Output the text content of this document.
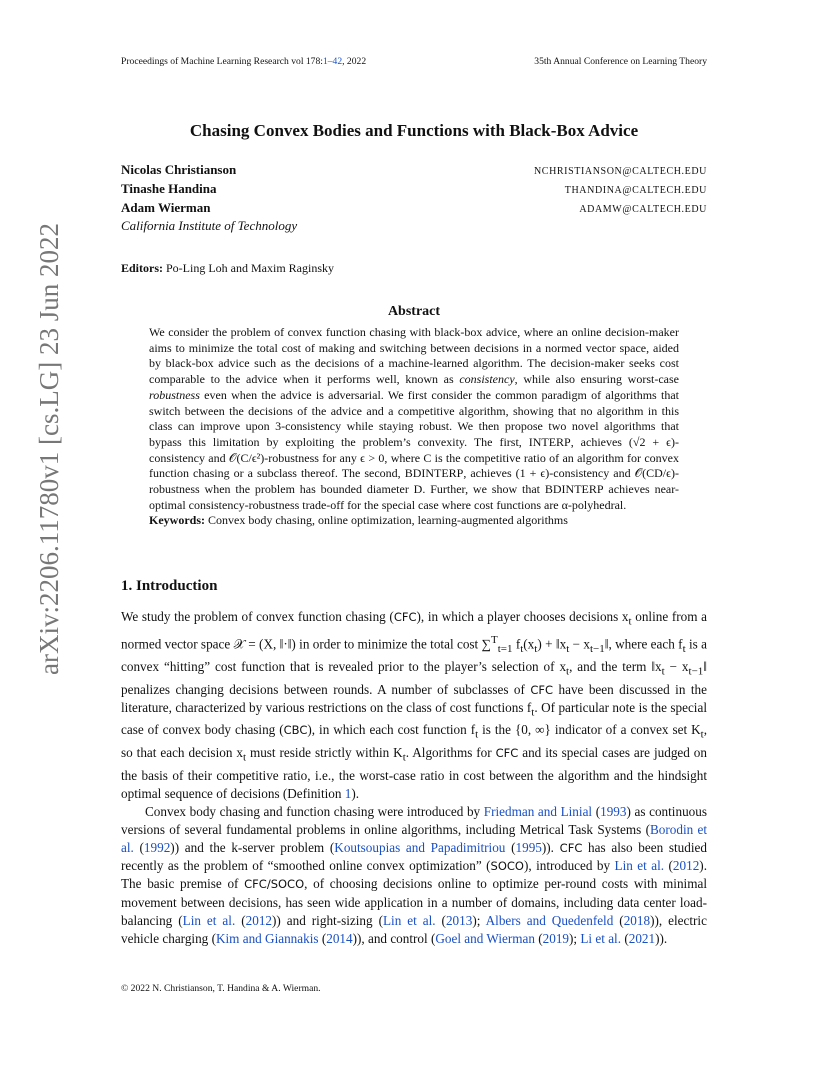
Proceedings of Machine Learning Research vol 178:1–42, 2022	35th Annual Conference on Learning Theory
arXiv:2206.11780v1 [cs.LG] 23 Jun 2022
Chasing Convex Bodies and Functions with Black-Box Advice
Nicolas Christianson
Tinashe Handina
Adam Wierman
California Institute of Technology
NCHRISTIANSON@CALTECH.EDU
THANDINA@CALTECH.EDU
ADAMW@CALTECH.EDU
Editors: Po-Ling Loh and Maxim Raginsky
Abstract

We consider the problem of convex function chasing with black-box advice, where an online decision-maker aims to minimize the total cost of making and switching between decisions in a normed vector space, aided by black-box advice such as the decisions of a machine-learned algorithm. The decision-maker seeks cost comparable to the advice when it performs well, known as consistency, while also ensuring worst-case robustness even when the advice is adversarial. We first consider the common paradigm of algorithms that switch between the decisions of the advice and a competitive algorithm, showing that no algorithm in this class can improve upon 3-consistency while staying robust. We then propose two novel algorithms that bypass this limitation by exploiting the problem’s convexity. The first, INTERP, achieves (√2 + ϵ)-consistency and 𝒪(C/ϵ²)-robustness for any ϵ > 0, where C is the competitive ratio of an algorithm for convex function chasing or a subclass thereof. The second, BDINTERP, achieves (1 + ϵ)-consistency and 𝒪(CD/ϵ)-robustness when the problem has bounded diameter D. Further, we show that BDINTERP achieves near-optimal consistency-robustness trade-off for the special case where cost functions are α-polyhedral.

Keywords: Convex body chasing, online optimization, learning-augmented algorithms

1. Introduction

We study the problem of convex function chasing (CFC), in which a player chooses decisions $x_t$ online from a normed vector space 𝒳 = (X, ‖·‖) in order to minimize the total cost ∑$^T_{t=1}$ $f_t(x_t)$ + $‖x_t$ − $x_{t-1}‖$, where each $f_t$ is a convex “hitting” cost function that is revealed prior to the player’s selection of $x_t$, and the term $‖x_t$ − $x_{t-1}‖$ penalizes changing decisions between rounds. A number of subclasses of CFC have been discussed in the literature, characterized by various restrictions on the class of cost functions $f_t$. Of particular note is the special case of convex body chasing (CBC), in which each cost function $f_t$ is the {0, ∞} indicator of a convex set $K_t$, so that each decision $x_t$ must reside strictly within $K_t$. Algorithms for CFC and its special cases are judged on the basis of their competitive ratio, i.e., the worst-case ratio in cost between the algorithm and the hindsight optimal sequence of decisions (Definition 1).

Convex body chasing and function chasing were introduced by Friedman and Linial (1993) as continuous versions of several fundamental problems in online algorithms, including Metrical Task Systems (Borodin et al. (1992)) and the k-server problem (Koutsoupias and Papadimitriou (1995)). CFC has also been studied recently as the problem of “smoothed online convex optimization” (SOCO), introduced by Lin et al. (2012). The basic premise of CFC/SOCO, of choosing decisions online to optimize per-round costs with minimal movement between decisions, has seen wide application in a number of domains, including data center load-balancing (Lin et al. (2012)) and right-sizing (Lin et al. (2013); Albers and Quedenfeld (2018)), electric vehicle charging (Kim and Giannakis (2014)), and control (Goel and Wierman (2019); Li et al. (2021)).

© 2022 N. Christianson, T. Handina & A. Wierman.
